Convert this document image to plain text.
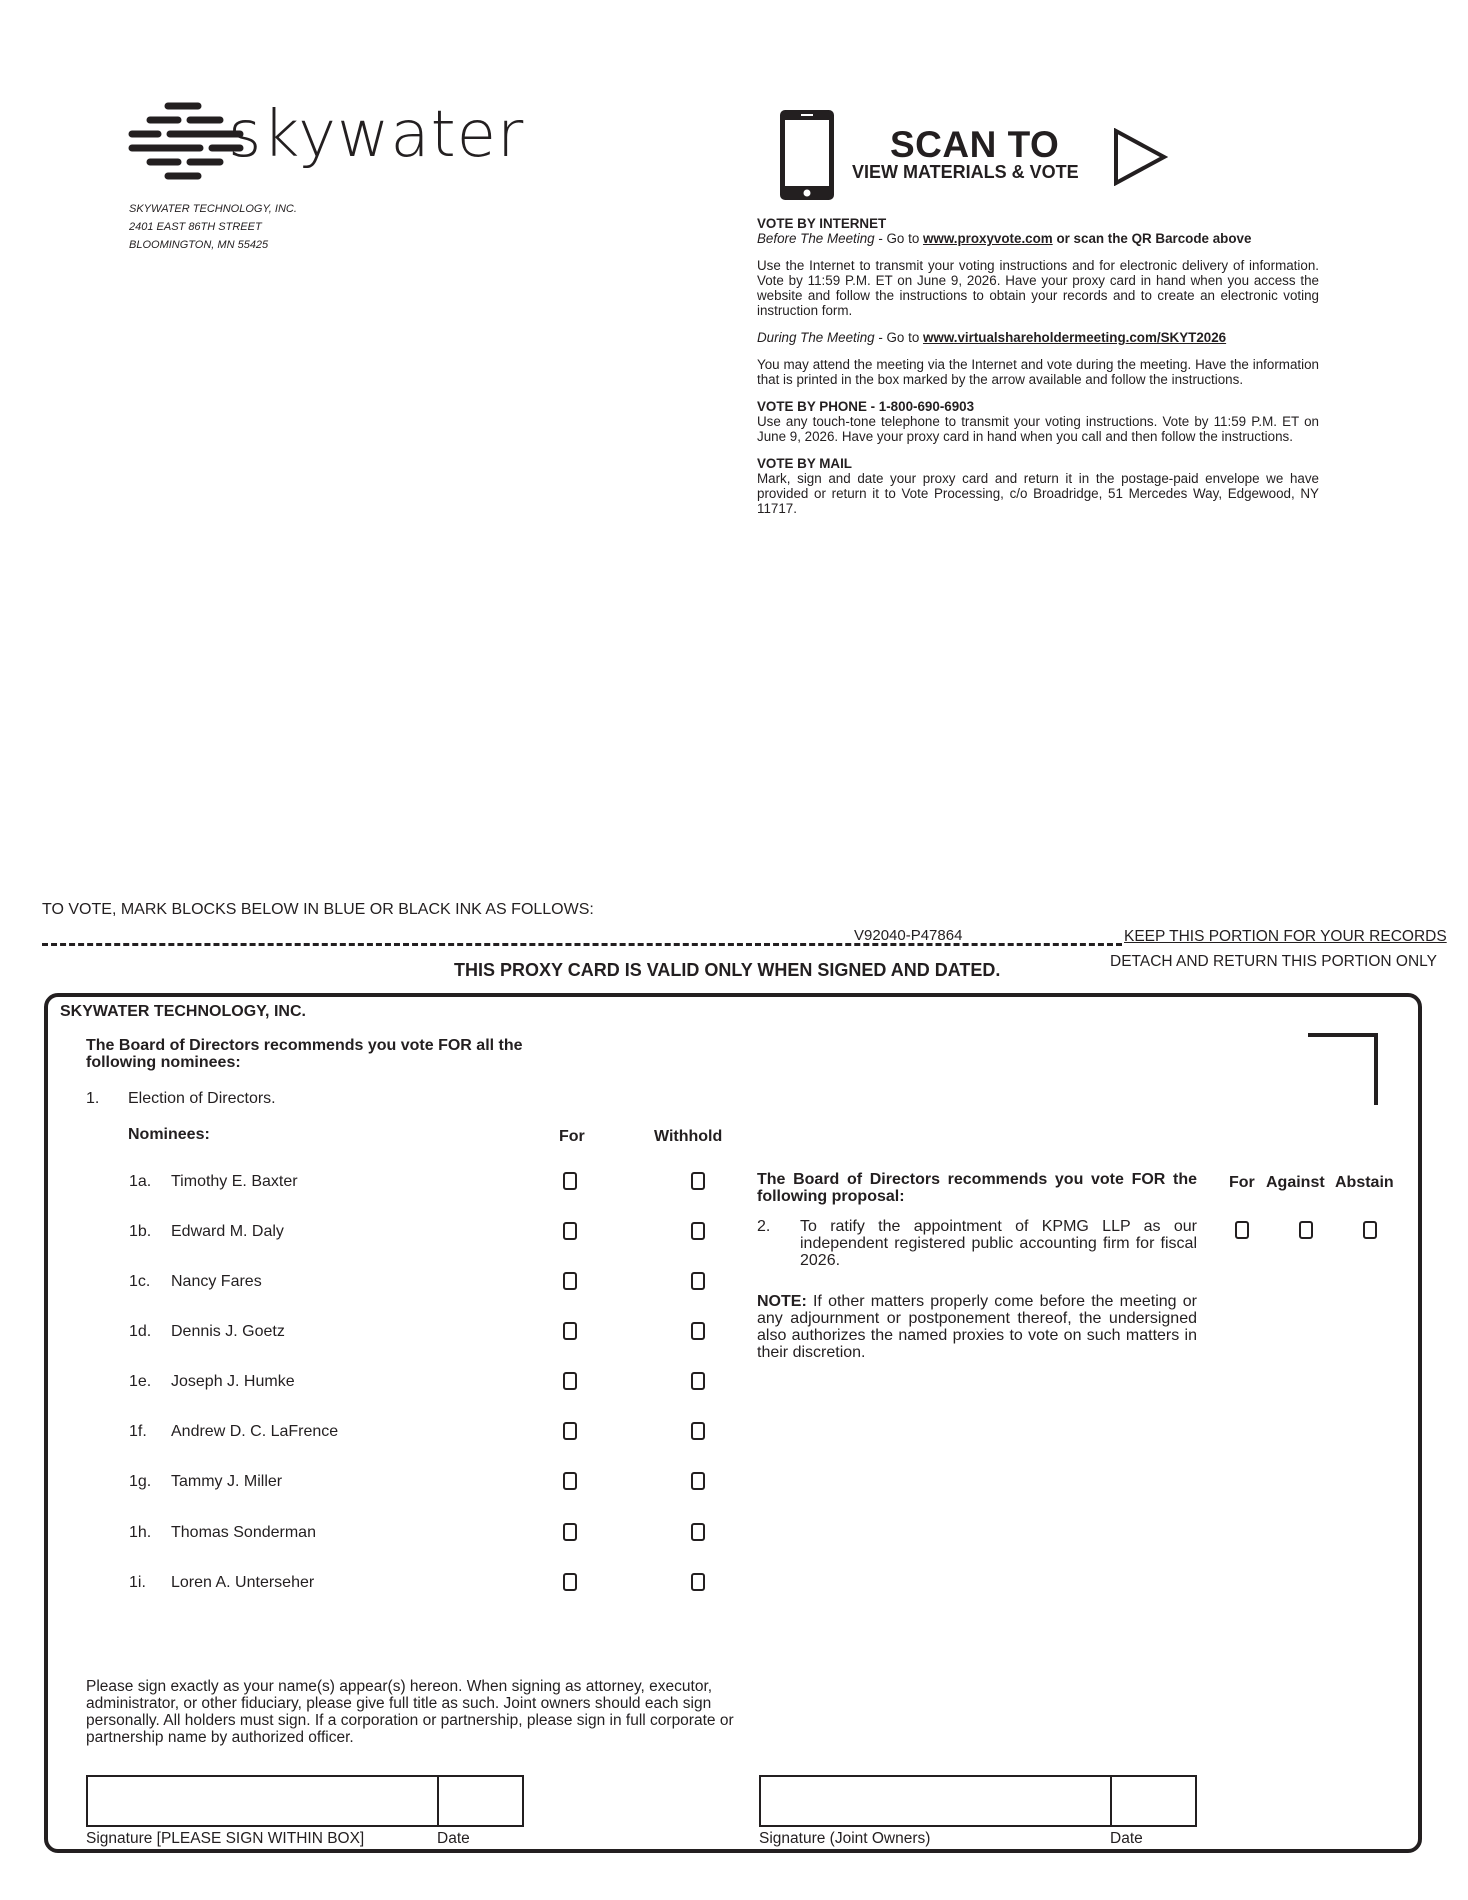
skywater
SKYWATER TECHNOLOGY, INC.
2401 EAST 86TH STREET
BLOOMINGTON, MN 55425
SCAN TO
VIEW MATERIALS & VOTE
VOTE BY INTERNET
Before The Meeting - Go to www.proxyvote.com or scan the QR Barcode above

Use the Internet to transmit your voting instructions and for electronic delivery of information. Vote by 11:59 P.M. ET on June 9, 2026. Have your proxy card in hand when you access the website and follow the instructions to obtain your records and to create an electronic voting instruction form.

During The Meeting - Go to www.virtualshareholdermeeting.com/SKYT2026

You may attend the meeting via the Internet and vote during the meeting. Have the information that is printed in the box marked by the arrow available and follow the instructions.

VOTE BY PHONE - 1-800-690-6903

Use any touch-tone telephone to transmit your voting instructions. Vote by 11:59 P.M. ET on June 9, 2026. Have your proxy card in hand when you call and then follow the instructions.

VOTE BY MAIL

Mark, sign and date your proxy card and return it in the postage-paid envelope we have provided or return it to Vote Processing, c/o Broadridge, 51 Mercedes Way, Edgewood, NY 11717.

TO VOTE, MARK BLOCKS BELOW IN BLUE OR BLACK INK AS FOLLOWS:
V92040-P47864	KEEP THIS PORTION FOR YOUR RECORDS
DETACH AND RETURN THIS PORTION ONLY
THIS PROXY CARD IS VALID ONLY WHEN SIGNED AND DATED.
SKYWATER TECHNOLOGY, INC.
The Board of Directors recommends you vote FOR all the following nominees:
1. Election of Directors.
Nominees:	For	Withhold
1a. Timothy E. Baxter
1b. Edward M. Daly
1c. Nancy Fares
1d. Dennis J. Goetz
1e. Joseph J. Humke
1f. Andrew D. C. LaFrence
1g. Tammy J. Miller
1h. Thomas Sonderman
1i. Loren A. Unterseher
The Board of Directors recommends you vote FOR the following proposal:
For Against Abstain
2. To ratify the appointment of KPMG LLP as our independent registered public accounting firm for fiscal 2026.
NOTE: If other matters properly come before the meeting or any adjournment or postponement thereof, the undersigned also authorizes the named proxies to vote on such matters in their discretion.
Please sign exactly as your name(s) appear(s) hereon. When signing as attorney, executor, administrator, or other fiduciary, please give full title as such. Joint owners should each sign personally. All holders must sign. If a corporation or partnership, please sign in full corporate or partnership name by authorized officer.
Signature [PLEASE SIGN WITHIN BOX]	Date	Signature (Joint Owners)	Date
